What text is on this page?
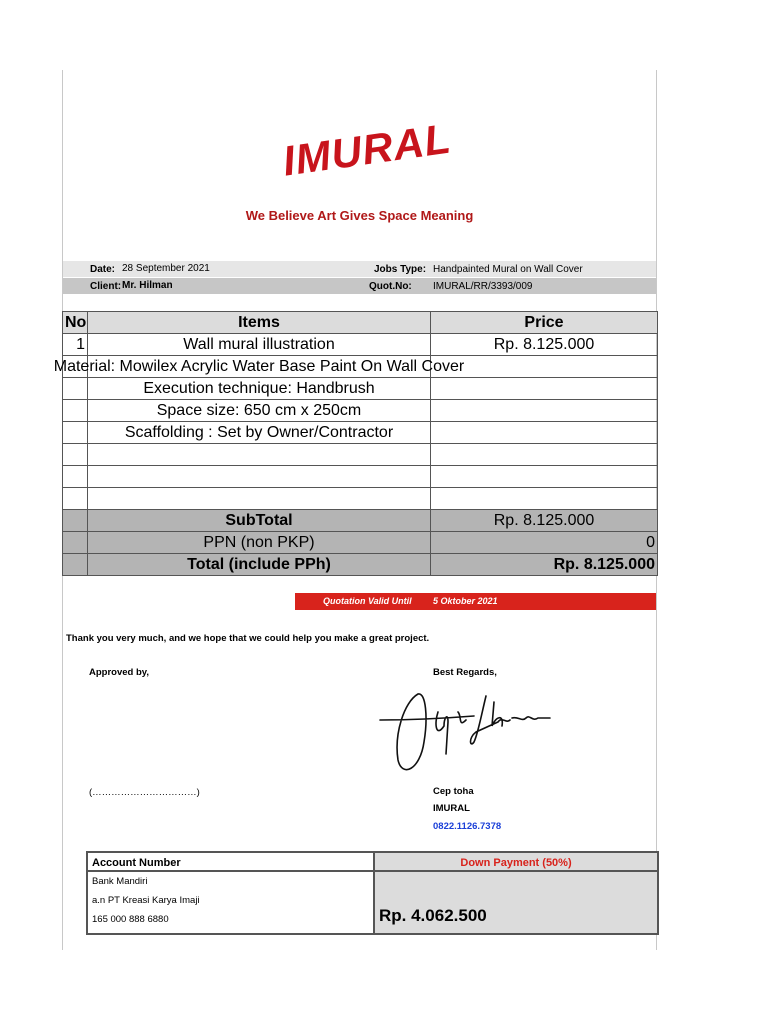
IMURAL
We Believe Art Gives Space Meaning
Date: 28 September 2021	Jobs Type: Handpainted Mural on Wall Cover
Client: Mr. Hilman	Quot.No: IMURAL/RR/3393/009
No	Items	Price
1	Wall mural illustration	Rp. 8.125.000

	Material: Mowilex Acrylic Water Base Paint On Wall Cover	

	Execution technique: Handbrush	
	Space size: 650 cm x 250cm	
	Scaffolding : Set by Owner/Contractor	

	SubTotal	Rp. 8.125.000
	PPN (non PKP)	0
	Total (include PPh)	Rp. 8.125.000
Quotation Valid Until 5 Oktober 2021
Thank you very much, and we hope that we could help you make a great project.
Approved by,	Best Regards,
(……………………………)	Cep toha
IMURAL
0822.1126.7378
Account Number	Down Payment (50%)

Bank Mandiri
a.n PT Kreasi Karya Imaji
165 000 888 6880	Rp. 4.062.500
